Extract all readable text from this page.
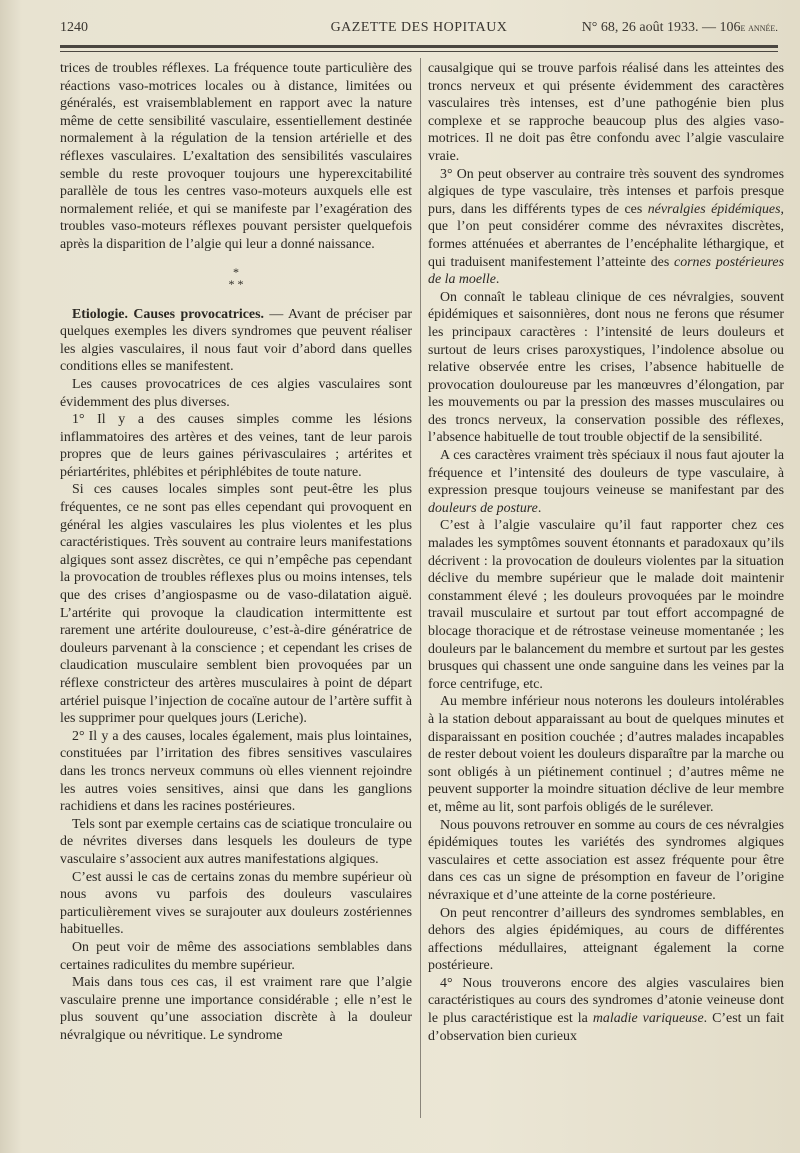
1240	GAZETTE DES HOPITAUX	N° 68, 26 août 1933. — 106e année.

trices de troubles réflexes. La fréquence toute particulière des réactions vaso-motrices locales ou à distance, limitées ou généralés, est vraisemblablement en rapport avec la nature même de cette sensibilité vasculaire, essentiellement destinée normalement à la régulation de la tension artérielle et des réflexes vasculaires. L’exaltation des sensibilités vasculaires semble du reste provoquer toujours une hyperexcitabilité parallèle de tous les centres vaso-moteurs auxquels elle est normalement reliée, et qui se manifeste par l’exagération des troubles vaso-moteurs réflexes pouvant persister quelquefois après la disparition de l’algie qui leur a donné naissance.

*
* *

Etiologie. Causes provocatrices. — Avant de préciser par quelques exemples les divers syndromes que peuvent réaliser les algies vasculaires, il nous faut voir d’abord dans quelles conditions elles se manifestent.

Les causes provocatrices de ces algies vasculaires sont évidemment des plus diverses.

1° Il y a des causes simples comme les lésions inflammatoires des artères et des veines, tant de leur parois propres que de leurs gaines périvasculaires ; artérites et périartérites, phlébites et périphlébites de toute nature.

Si ces causes locales simples sont peut-être les plus fréquentes, ce ne sont pas elles cependant qui provoquent en général les algies vasculaires les plus violentes et les plus caractéristiques. Très souvent au contraire leurs manifestations algiques sont assez discrètes, ce qui n’empêche pas cependant la provocation de troubles réflexes plus ou moins intenses, tels que des crises d’angiospasme ou de vaso-dilatation aiguë. L’artérite qui provoque la claudication intermittente est rarement une artérite douloureuse, c’est-à-dire génératrice de douleurs parvenant à la conscience ; et cependant les crises de claudication musculaire semblent bien provoquées par un réflexe constricteur des artères musculaires à point de départ artériel puisque l’injection de cocaïne autour de l’artère suffit à les supprimer pour quelques jours (Leriche).

2° Il y a des causes, locales également, mais plus lointaines, constituées par l’irritation des fibres sensitives vasculaires dans les troncs nerveux communs où elles viennent rejoindre les autres voies sensitives, ainsi que dans les ganglions rachidiens et dans les racines postérieures.

Tels sont par exemple certains cas de sciatique tronculaire ou de névrites diverses dans lesquels les douleurs de type vasculaire s’associent aux autres manifestations algiques.

C’est aussi le cas de certains zonas du membre supérieur où nous avons vu parfois des douleurs vasculaires particulièrement vives se surajouter aux douleurs zostériennes habituelles.

On peut voir de même des associations semblables dans certaines radiculites du membre supérieur.

Mais dans tous ces cas, il est vraiment rare que l’algie vasculaire prenne une importance considérable ; elle n’est le plus souvent qu’une association discrète à la douleur névralgique ou névritique. Le syndrome

causalgique qui se trouve parfois réalisé dans les atteintes des troncs nerveux et qui présente évidemment des caractères vasculaires très intenses, est d’une pathogénie bien plus complexe et se rapproche beaucoup plus des algies vaso-motrices. Il ne doit pas être confondu avec l’algie vasculaire vraie.

3° On peut observer au contraire très souvent des syndromes algiques de type vasculaire, très intenses et parfois presque purs, dans les différents types de ces névralgies épidémiques, que l’on peut considérer comme des névraxites discrètes, formes atténuées et aberrantes de l’encéphalite léthargique, et qui traduisent manifestement l’atteinte des cornes postérieures de la moelle.

On connaît le tableau clinique de ces névralgies, souvent épidémiques et saisonnières, dont nous ne ferons que résumer les principaux caractères : l’intensité de leurs douleurs et surtout de leurs crises paroxystiques, l’indolence absolue ou relative observée entre les crises, l’absence habituelle de provocation douloureuse par les manœuvres d’élongation, par les mouvements ou par la pression des masses musculaires ou des troncs nerveux, la conservation possible des réflexes, l’absence habituelle de tout trouble objectif de la sensibilité.

A ces caractères vraiment très spéciaux il nous faut ajouter la fréquence et l’intensité des douleurs de type vasculaire, à expression presque toujours veineuse se manifestant par des douleurs de posture.

C’est à l’algie vasculaire qu’il faut rapporter chez ces malades les symptômes souvent étonnants et paradoxaux qu’ils décrivent : la provocation de douleurs violentes par la situation déclive du membre supérieur que le malade doit maintenir constamment élevé ; les douleurs provoquées par le moindre travail musculaire et surtout par tout effort accompagné de blocage thoracique et de rétrostase veineuse momentanée ; les douleurs par le balancement du membre et surtout par les gestes brusques qui chassent une onde sanguine dans les veines par la force centrifuge, etc.

Au membre inférieur nous noterons les douleurs intolérables à la station debout apparaissant au bout de quelques minutes et disparaissant en position couchée ; d’autres malades incapables de rester debout voient les douleurs disparaître par la marche ou sont obligés à un piétinement continuel ; d’autres même ne peuvent supporter la moindre situation déclive de leur membre et, même au lit, sont parfois obligés de le surélever.

Nous pouvons retrouver en somme au cours de ces névralgies épidémiques toutes les variétés des syndromes algiques vasculaires et cette association est assez fréquente pour être dans ces cas un signe de présomption en faveur de l’origine névraxique et d’une atteinte de la corne postérieure.

On peut rencontrer d’ailleurs des syndromes semblables, en dehors des algies épidémiques, au cours de différentes affections médullaires, atteignant également la corne postérieure.

4° Nous trouverons encore des algies vasculaires bien caractéristiques au cours des syndromes d’atonie veineuse dont le plus caractéristique est la maladie variqueuse. C’est un fait d’observation bien curieux
